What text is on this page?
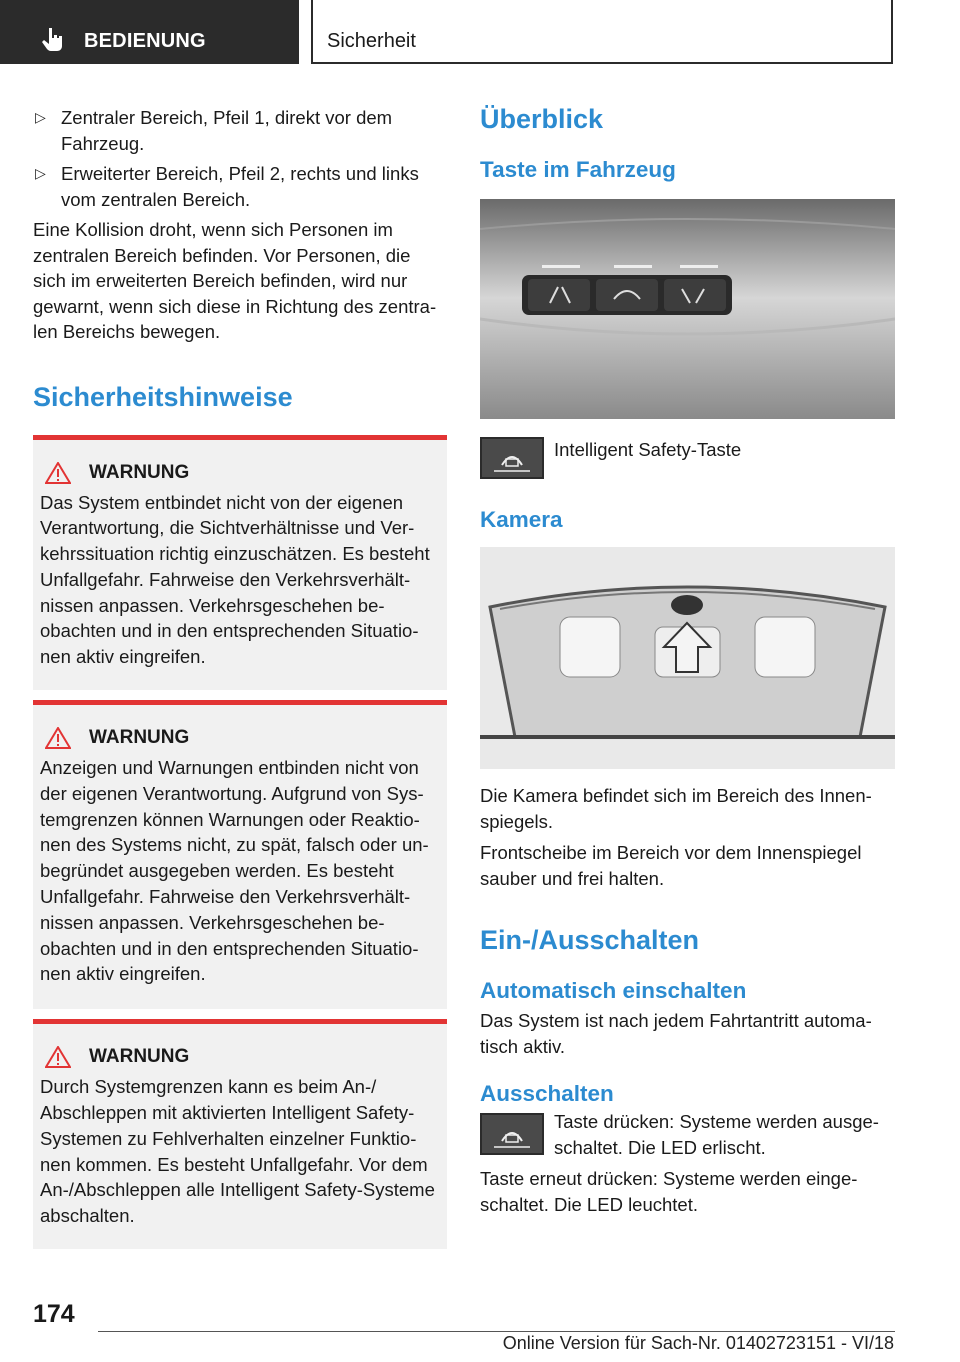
BEDIENUNG	Sicherheit
▷ Zentraler Bereich, Pfeil 1, direkt vor dem Fahrzeug.
▷ Erweiterter Bereich, Pfeil 2, rechts und links vom zentralen Bereich.

Eine Kollision droht, wenn sich Personen im zentralen Bereich befinden. Vor Personen, die sich im erweiterten Bereich befinden, wird nur gewarnt, wenn sich diese in Richtung des zentralen Bereichs bewegen.

Sicherheitshinweise
WARNUNG

Das System entbindet nicht von der eigenen Verantwortung, die Sichtverhältnisse und Verkehrssituation richtig einzuschätzen. Es besteht Unfallgefahr. Fahrweise den Verkehrsverhältnissen anpassen. Verkehrsgeschehen beobachten und in den entsprechenden Situationen aktiv eingreifen.

WARNUNG

Anzeigen und Warnungen entbinden nicht von der eigenen Verantwortung. Aufgrund von Systemgrenzen können Warnungen oder Reaktionen des Systems nicht, zu spät, falsch oder unbegründet ausgegeben werden. Es besteht Unfallgefahr. Fahrweise den Verkehrsverhältnissen anpassen. Verkehrsgeschehen beobachten und in den entsprechenden Situationen aktiv eingreifen.

WARNUNG

Durch Systemgrenzen kann es beim An-/ Abschleppen mit aktivierten Intelligent Safety-Systemen zu Fehlverhalten einzelner Funktionen kommen. Es besteht Unfallgefahr. Vor dem An-/Abschleppen alle Intelligent Safety-Systeme abschalten.

Überblick
Taste im Fahrzeug

Intelligent Safety-Taste

Kamera

Die Kamera befindet sich im Bereich des Innenspiegels.

Frontscheibe im Bereich vor dem Innenspiegel sauber und frei halten.

Ein-/Ausschalten
Automatisch einschalten

Das System ist nach jedem Fahrtantritt automatisch aktiv.

Ausschalten

Taste drücken: Systeme werden ausgeschaltet. Die LED erlischt.

Taste erneut drücken: Systeme werden eingeschaltet. Die LED leuchtet.

174
Online Version für Sach-Nr. 01402723151 - VI/18
